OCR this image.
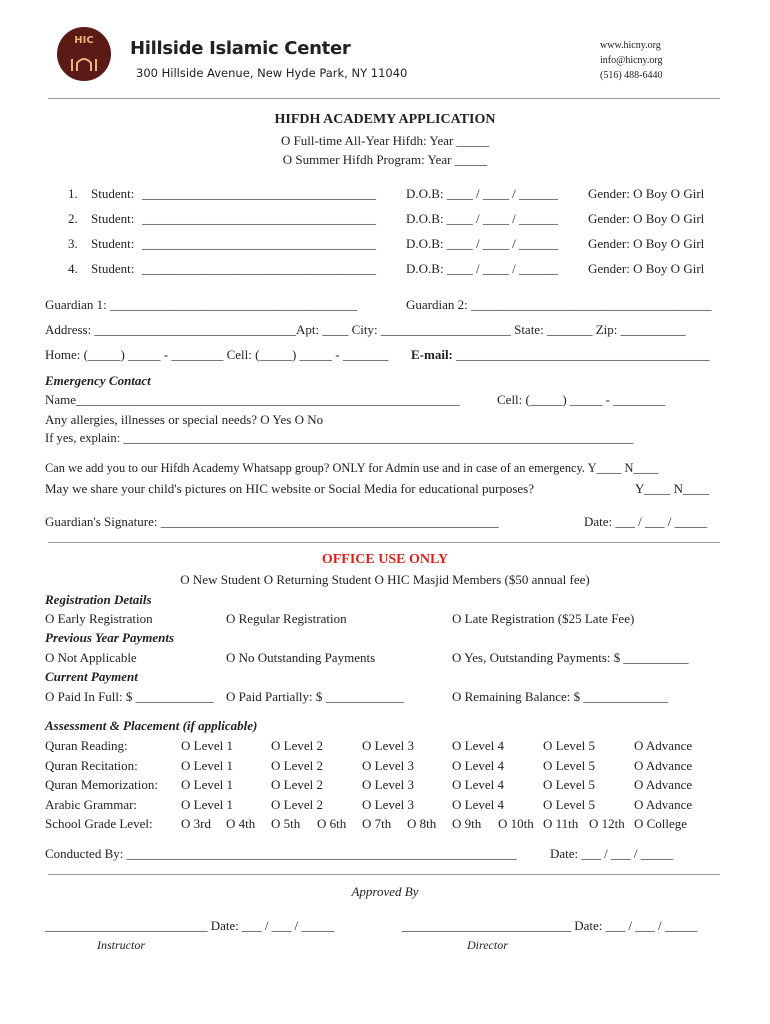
HIC	Hillside Islamic Center
300 Hillside Avenue, New Hyde Park, NY 11040
www.hicny.org
info@hicny.org
(516) 488-6440
HIFDH ACADEMY APPLICATION
O Full-time All-Year Hifdh: Year _____
O Summer Hifdh Program: Year _____
1. Student: ____________________________________ D.O.B: ____ / ____ / ______ Gender: O Boy O Girl
2. Student: ____________________________________ D.O.B: ____ / ____ / ______ Gender: O Boy O Girl
3. Student: ____________________________________ D.O.B: ____ / ____ / ______ Gender: O Boy O Girl
4. Student: ____________________________________ D.O.B: ____ / ____ / ______ Gender: O Boy O Girl
Guardian 1: ______________________________________	Guardian 2: _____________________________________
Address: _______________________________Apt: ____ City: ____________________ State: _______ Zip: __________
Home: (_____) _____ - ________ Cell: (_____) _____ - _______ E-mail: _______________________________________
Emergency Contact
Name___________________________________________________________	Cell: (_____) _____ - ________
Any allergies, illnesses or special needs? O Yes O No
If yes, explain: _________________________________________________________________________________
Can we add you to our Hifdh Academy Whatsapp group? ONLY for Admin use and in case of an emergency. Y____ N____
May we share your child's pictures on HIC website or Social Media for educational purposes?	Y____ N____
Guardian's Signature: ____________________________________________________	Date: ___ / ___ / _____
OFFICE USE ONLY
O New Student O Returning Student O HIC Masjid Members ($50 annual fee)
Registration Details
O Early Registration	O Regular Registration	O Late Registration ($25 Late Fee)
Previous Year Payments
O Not Applicable	O No Outstanding Payments	O Yes, Outstanding Payments: $ __________
Current Payment
O Paid In Full: $ ____________ O Paid Partially: $ ____________	O Remaining Balance: $ _____________
Assessment & Placement (if applicable)
Quran Reading:	O Level 1	O Level 2	O Level 3	O Level 4	O Level 5	O Advance
Quran Recitation:	O Level 1	O Level 2	O Level 3	O Level 4	O Level 5	O Advance
Quran Memorization: O Level 1	O Level 2	O Level 3	O Level 4	O Level 5	O Advance
Arabic Grammar:	O Level 1	O Level 2	O Level 3	O Level 4	O Level 5	O Advance
School Grade Level: O 3rd O 4th O 5th O 6th O 7th O 8th O 9th O 10th O 11th O 12th O College
Conducted By: ____________________________________________________________	Date: ___ / ___ / _____
Approved By
_________________________ Date: ___ / ___ / _____	__________________________ Date: ___ / ___ / _____
Instructor	Director
